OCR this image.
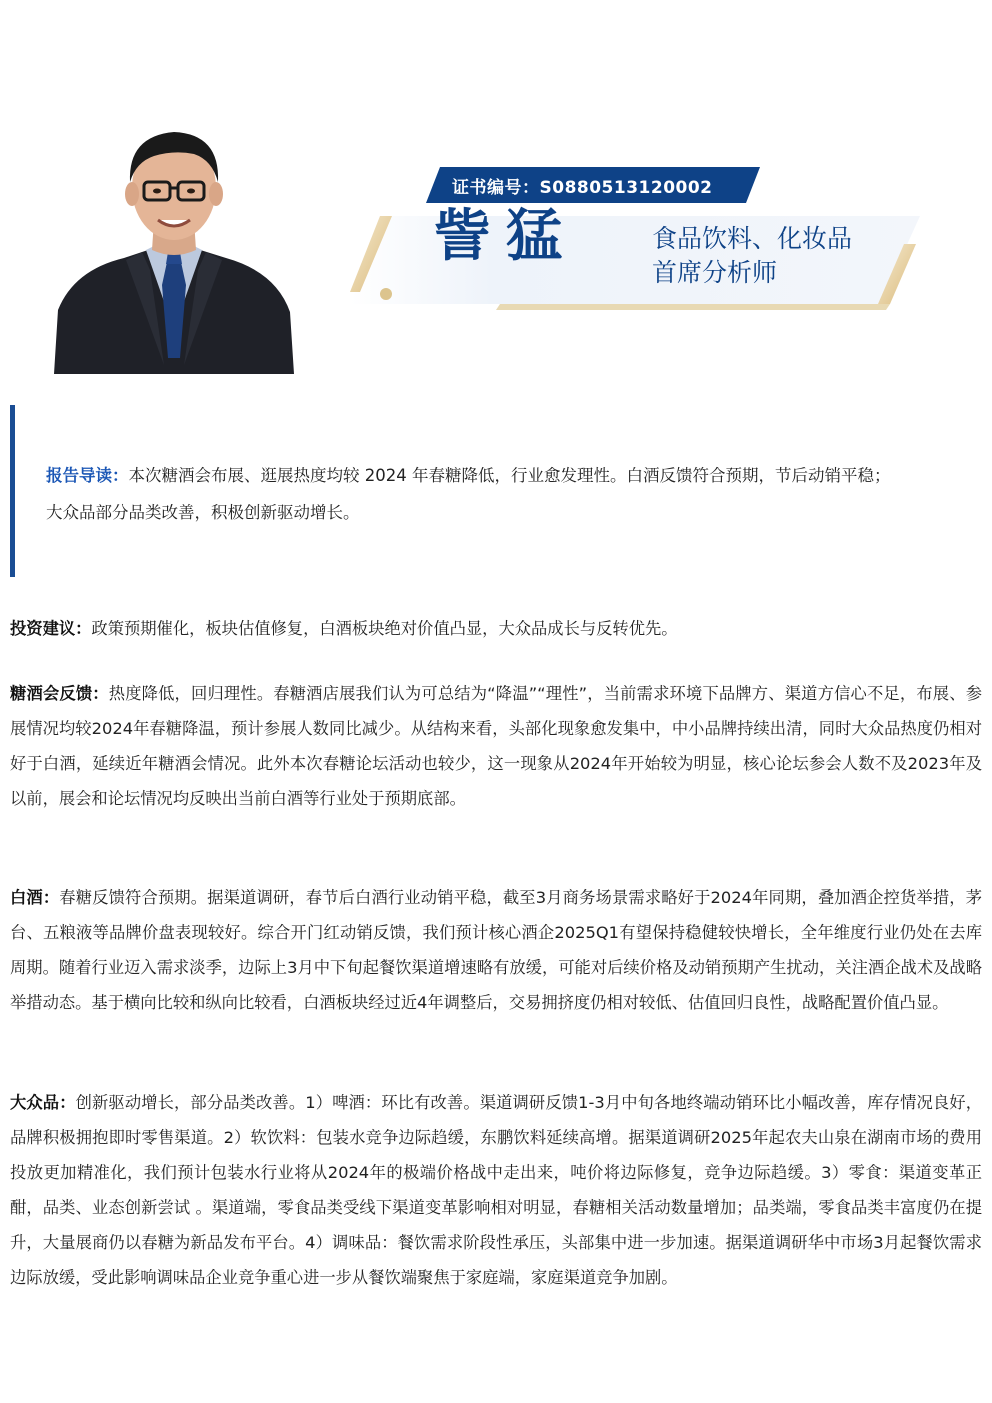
证书编号：S0880513120002
訾猛	食品饮料、化妆品
首席分析师
报告导读：本次糖酒会布展、逛展热度均较 2024 年春糖降低，行业愈发理性。白酒反馈符合预期，节后动销平稳；大众品部分品类改善，积极创新驱动增长。
投资建议：政策预期催化，板块估值修复，白酒板块绝对价值凸显，大众品成长与反转优先。
糖酒会反馈：热度降低，回归理性。春糖酒店展我们认为可总结为“降温”“理性”，当前需求环境下品牌方、渠道方信心不足，布展、参展情况均较2024年春糖降温，预计参展人数同比减少。从结构来看，头部化现象愈发集中，中小品牌持续出清，同时大众品热度仍相对好于白酒，延续近年糖酒会情况。此外本次春糖论坛活动也较少，这一现象从2024年开始较为明显，核心论坛参会人数不及2023年及以前，展会和论坛情况均反映出当前白酒等行业处于预期底部。
白酒：春糖反馈符合预期。据渠道调研，春节后白酒行业动销平稳，截至3月商务场景需求略好于2024年同期，叠加酒企控货举措，茅台、五粮液等品牌价盘表现较好。综合开门红动销反馈，我们预计核心酒企2025Q1有望保持稳健较快增长，全年维度行业仍处在去库周期。随着行业迈入需求淡季，边际上3月中下旬起餐饮渠道增速略有放缓，可能对后续价格及动销预期产生扰动，关注酒企战术及战略举措动态。基于横向比较和纵向比较看，白酒板块经过近4年调整后，交易拥挤度仍相对较低、估值回归良性，战略配置价值凸显。
大众品：创新驱动增长，部分品类改善。1）啤酒：环比有改善。渠道调研反馈1-3月中旬各地终端动销环比小幅改善，库存情况良好，品牌积极拥抱即时零售渠道。2）软饮料：包装水竞争边际趋缓，东鹏饮料延续高增。据渠道调研2025年起农夫山泉在湖南市场的费用投放更加精准化，我们预计包装水行业将从2024年的极端价格战中走出来，吨价将边际修复，竞争边际趋缓。3）零食：渠道变革正酣，品类、业态创新尝试 。渠道端，零食品类受线下渠道变革影响相对明显，春糖相关活动数量增加；品类端，零食品类丰富度仍在提升，大量展商仍以春糖为新品发布平台。4）调味品：餐饮需求阶段性承压，头部集中进一步加速。据渠道调研华中市场3月起餐饮需求边际放缓，受此影响调味品企业竞争重心进一步从餐饮端聚焦于家庭端，家庭渠道竞争加剧。
